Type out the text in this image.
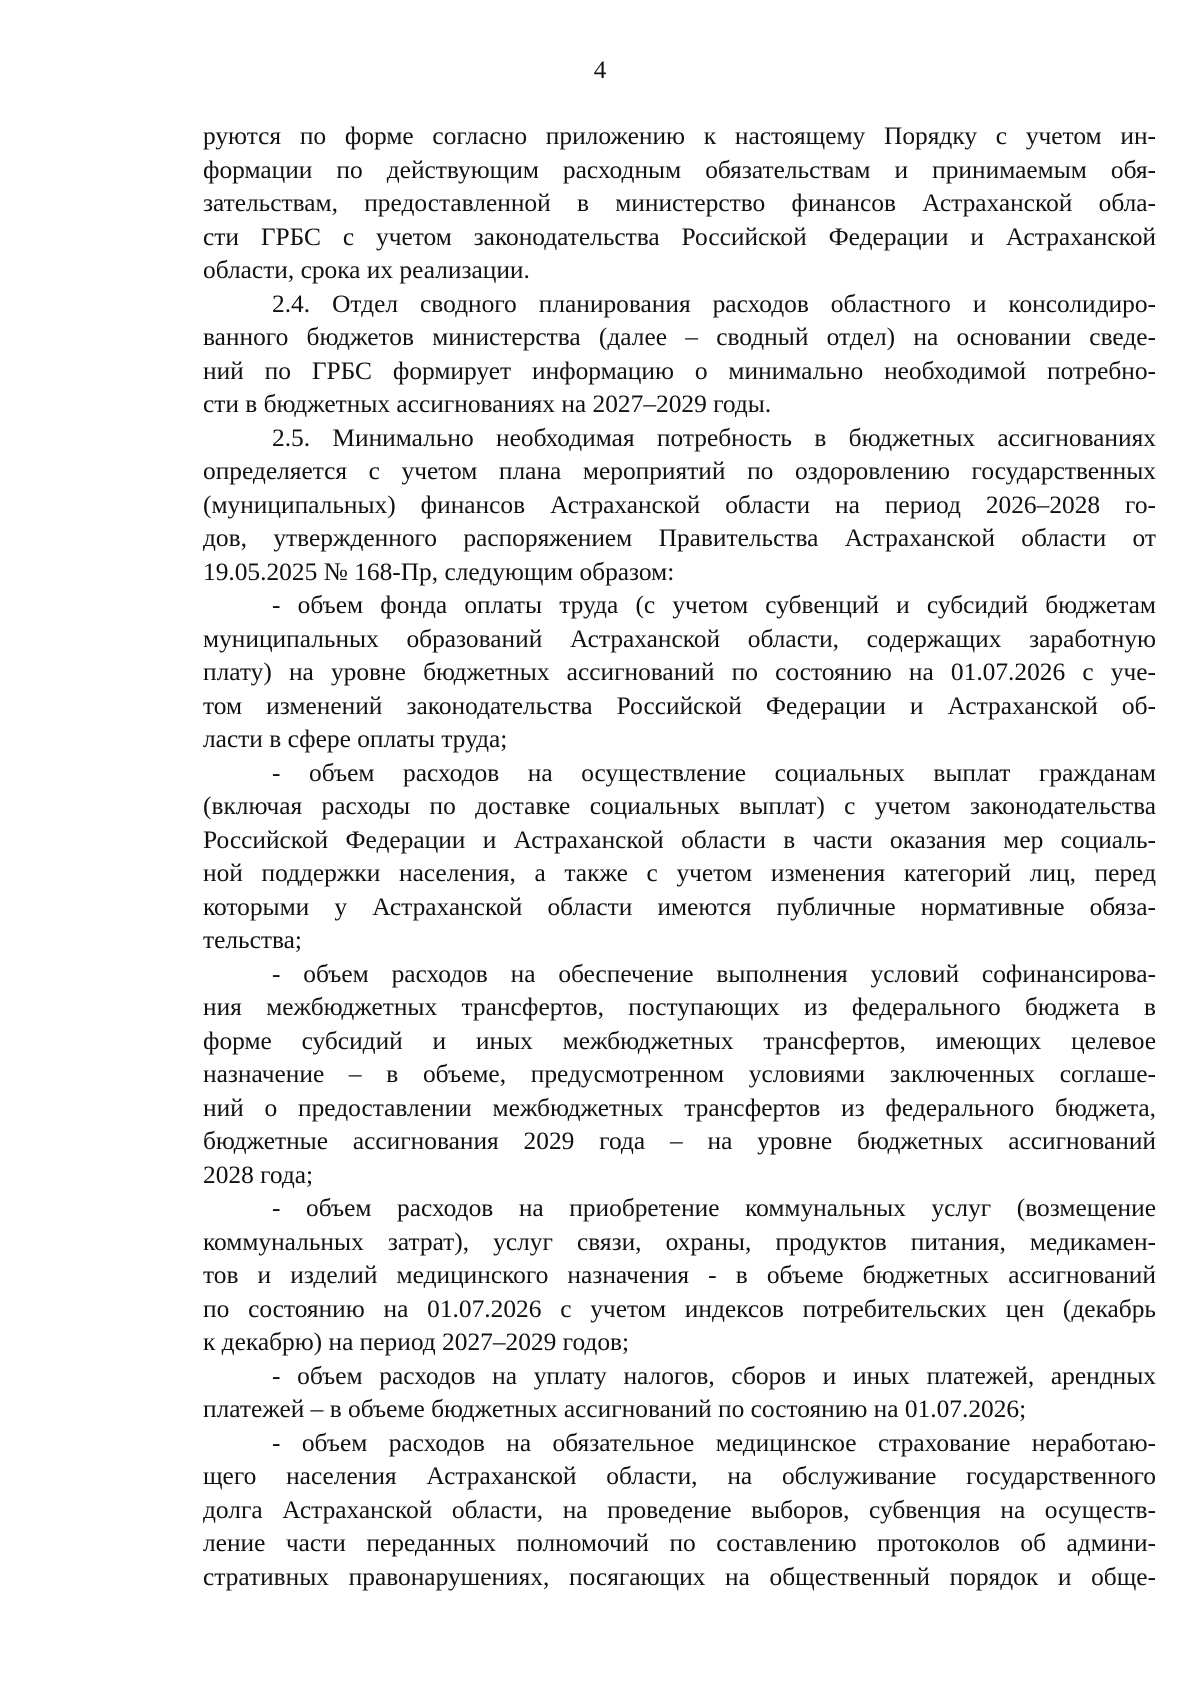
4
руются по форме согласно приложению к настоящему Порядку с учетом ин-
формации по действующим расходным обязательствам и принимаемым обя-
зательствам, предоставленной в министерство финансов Астраханской обла-
сти ГРБС с учетом законодательства Российской Федерации и Астраханской
области, срока их реализации.
2.4. Отдел сводного планирования расходов областного и консолидиро-
ванного бюджетов министерства (далее – сводный отдел) на основании сведе-
ний по ГРБС формирует информацию о минимально необходимой потребно-
сти в бюджетных ассигнованиях на 2027–2029 годы.
2.5. Минимально необходимая потребность в бюджетных ассигнованиях
определяется с учетом плана мероприятий по оздоровлению государственных
(муниципальных) финансов Астраханской области на период 2026–2028 го-
дов, утвержденного распоряжением Правительства Астраханской области от
19.05.2025 № 168-Пр, следующим образом:
- объем фонда оплаты труда (с учетом субвенций и субсидий бюджетам
муниципальных образований Астраханской области, содержащих заработную
плату) на уровне бюджетных ассигнований по состоянию на 01.07.2026 с уче-
том изменений законодательства Российской Федерации и Астраханской об-
ласти в сфере оплаты труда;
- объем расходов на осуществление социальных выплат гражданам
(включая расходы по доставке социальных выплат) с учетом законодательства
Российской Федерации и Астраханской области в части оказания мер социаль-
ной поддержки населения, а также с учетом изменения категорий лиц, перед
которыми у Астраханской области имеются публичные нормативные обяза-
тельства;
- объем расходов на обеспечение выполнения условий софинансирова-
ния межбюджетных трансфертов, поступающих из федерального бюджета в
форме субсидий и иных межбюджетных трансфертов, имеющих целевое
назначение – в объеме, предусмотренном условиями заключенных соглаше-
ний о предоставлении межбюджетных трансфертов из федерального бюджета,
бюджетные ассигнования 2029 года – на уровне бюджетных ассигнований
2028 года;
- объем расходов на приобретение коммунальных услуг (возмещение
коммунальных затрат), услуг связи, охраны, продуктов питания, медикамен-
тов и изделий медицинского назначения - в объеме бюджетных ассигнований
по состоянию на 01.07.2026 с учетом индексов потребительских цен (декабрь
к декабрю) на период 2027–2029 годов;
- объем расходов на уплату налогов, сборов и иных платежей, арендных
платежей – в объеме бюджетных ассигнований по состоянию на 01.07.2026;
- объем расходов на обязательное медицинское страхование неработаю-
щего населения Астраханской области, на обслуживание государственного
долга Астраханской области, на проведение выборов, субвенция на осуществ-
ление части переданных полномочий по составлению протоколов об админи-
стративных правонарушениях, посягающих на общественный порядок и обще-
